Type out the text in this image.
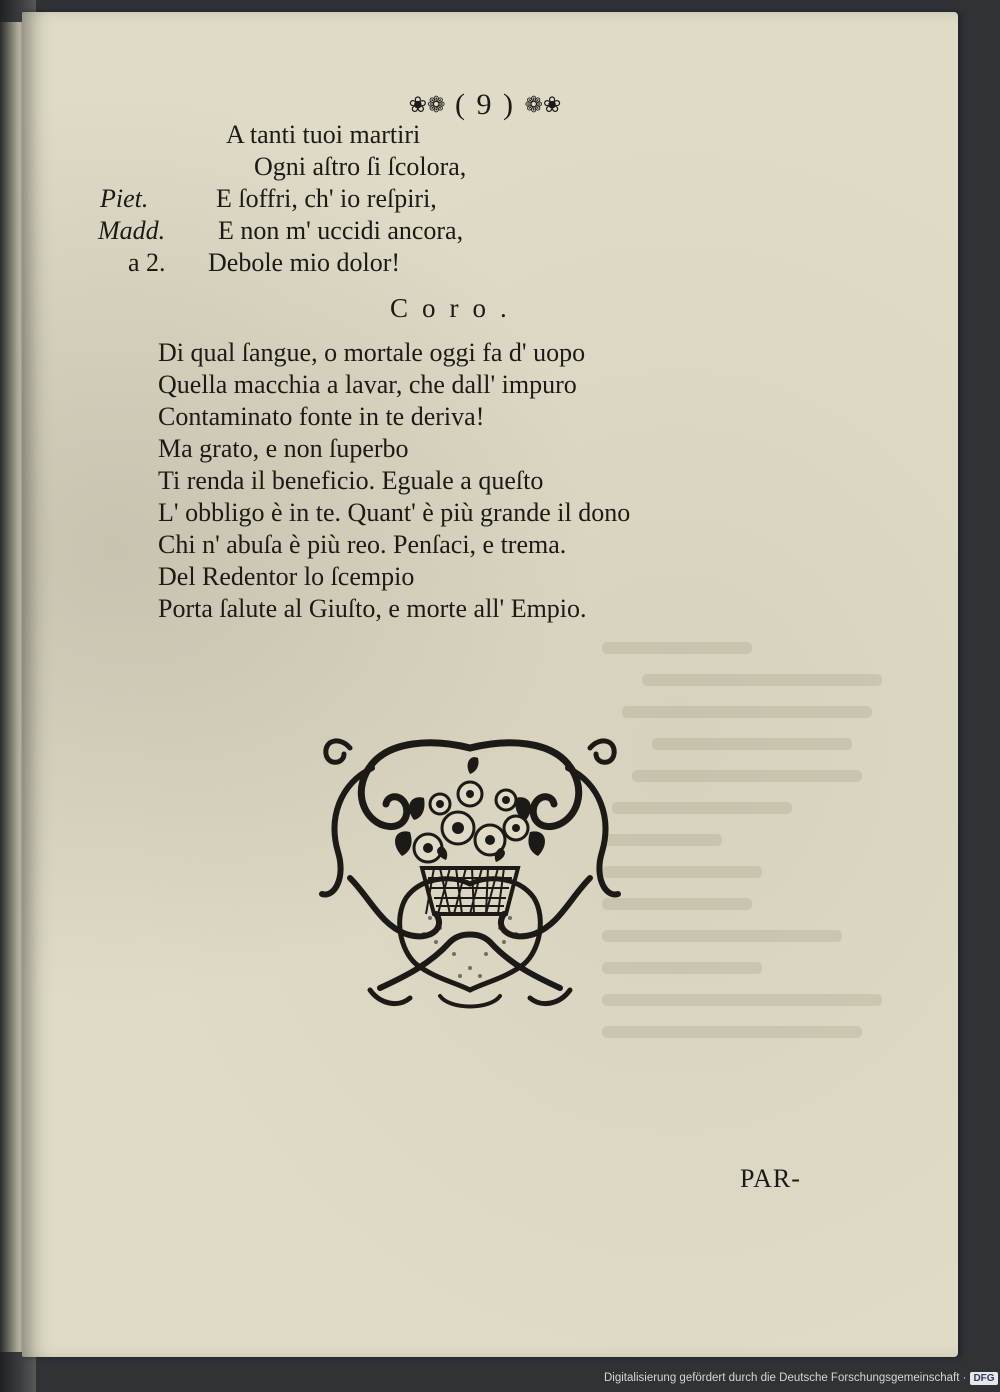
❀❁ ( 9 ) ❁❀
A tanti tuoi martiri
Ogni aſtro ſi ſcolora,
Piet.	E ſoffri, ch' io reſpiri,
Madd. E non m' uccidi ancora,
a 2. Debole mio dolor!
Coro.
Di qual ſangue, o mortale oggi fa d' uopo
Quella macchia a lavar, che dall' impuro
Contaminato fonte in te deriva!
Ma grato, e non ſuperbo
Ti renda il beneficio. Eguale a queſto
L' obbligo è in te. Quant' è più grande il dono
Chi n' abuſa è più reo. Penſaci, e trema.
Del Redentor lo ſcempio
Porta ſalute al Giuſto, e morte all' Empio.
PAR-
Digitalisierung gefördert durch die Deutsche Forschungsgemeinschaft · DFG
